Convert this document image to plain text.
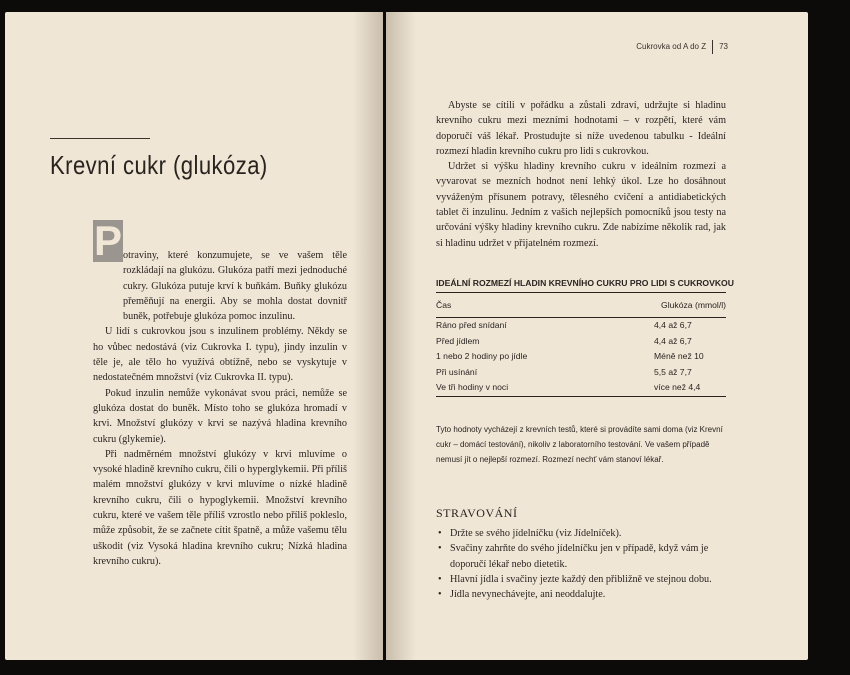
Krevní cukr (glukóza)
P otraviny, které konzumujete, se ve vašem těle rozkládají na glukózu. Glukóza patří mezi jednoduché cukry. Glukóza putuje krví k buňkám. Buňky glukózu přeměňují na energii. Aby se mohla dostat dovnitř buněk, potřebuje glukóza pomoc inzulinu.

U lidí s cukrovkou jsou s inzulinem problémy. Někdy se ho vůbec nedostává (viz Cukrovka I. typu), jindy inzulin v těle je, ale tělo ho využívá obtížně, nebo se vyskytuje v nedostatečném množství (viz Cukrovka II. typu).

Pokud inzulin nemůže vykonávat svou práci, nemůže se glukóza dostat do buněk. Místo toho se glukóza hromadí v krvi. Množství glukózy v krvi se nazývá hladina krevního cukru (glykemie).

Při nadměrném množství glukózy v krvi mluvíme o vysoké hladině krevního cukru, čili o hyperglykemii. Při příliš malém množství glukózy v krvi mluvíme o nízké hladině krevního cukru, čili o hypoglykemii. Množství krevního cukru, které ve vašem těle příliš vzrostlo nebo příliš pokleslo, může způsobit, že se začnete cítit špatně, a může vašemu tělu uškodit (viz Vysoká hladina krevního cukru; Nízká hladina krevního cukru).

Cukrovka od A do Z 73

Abyste se cítili v pořádku a zůstali zdraví, udržujte si hladinu krevního cukru mezi mezními hodnotami – v rozpětí, které vám doporučí váš lékař. Prostudujte si níže uvedenou tabulku - Ideální rozmezí hladin krevního cukru pro lidi s cukrovkou.

Udržet si výšku hladiny krevního cukru v ideálním rozmezí a vyvarovat se mezních hodnot není lehký úkol. Lze ho dosáhnout vyváženým přísunem potravy, tělesného cvičení a antidiabetických tablet či inzulinu. Jedním z vašich nejlepších pomocníků jsou testy na určování výšky hladiny krevního cukru. Zde nabízíme několik rad, jak si hladinu udržet v přijatelném rozmezí.

IDEÁLNÍ ROZMEZÍ HLADIN KREVNÍHO CUKRU PRO LIDI S CUKROVKOU
Čas	Glukóza (mmol/l)
Ráno před snídaní	4,4 až 6,7
Před jídlem	4,4 až 6,7
1 nebo 2 hodiny po jídle	Méně než 10
Při usínání	5,5 až 7,7
Ve tři hodiny v noci	více než 4,4
Tyto hodnoty vycházejí z krevních testů, které si provádíte sami doma (viz Krevní cukr – domácí testování), nikoliv z laboratorního testování. Ve vašem případě nemusí jít o nejlepší rozmezí. Rozmezí nechť vám stanoví lékař.
STRAVOVÁNÍ
• Držte se svého jídelníčku (viz Jídelníček).
• Svačiny zahrňte do svého jídelníčku jen v případě, když vám je doporučí lékař nebo dietetik.
• Hlavní jídla i svačiny jezte každý den přibližně ve stejnou dobu.
• Jídla nevynechávejte, ani neoddalujte.
